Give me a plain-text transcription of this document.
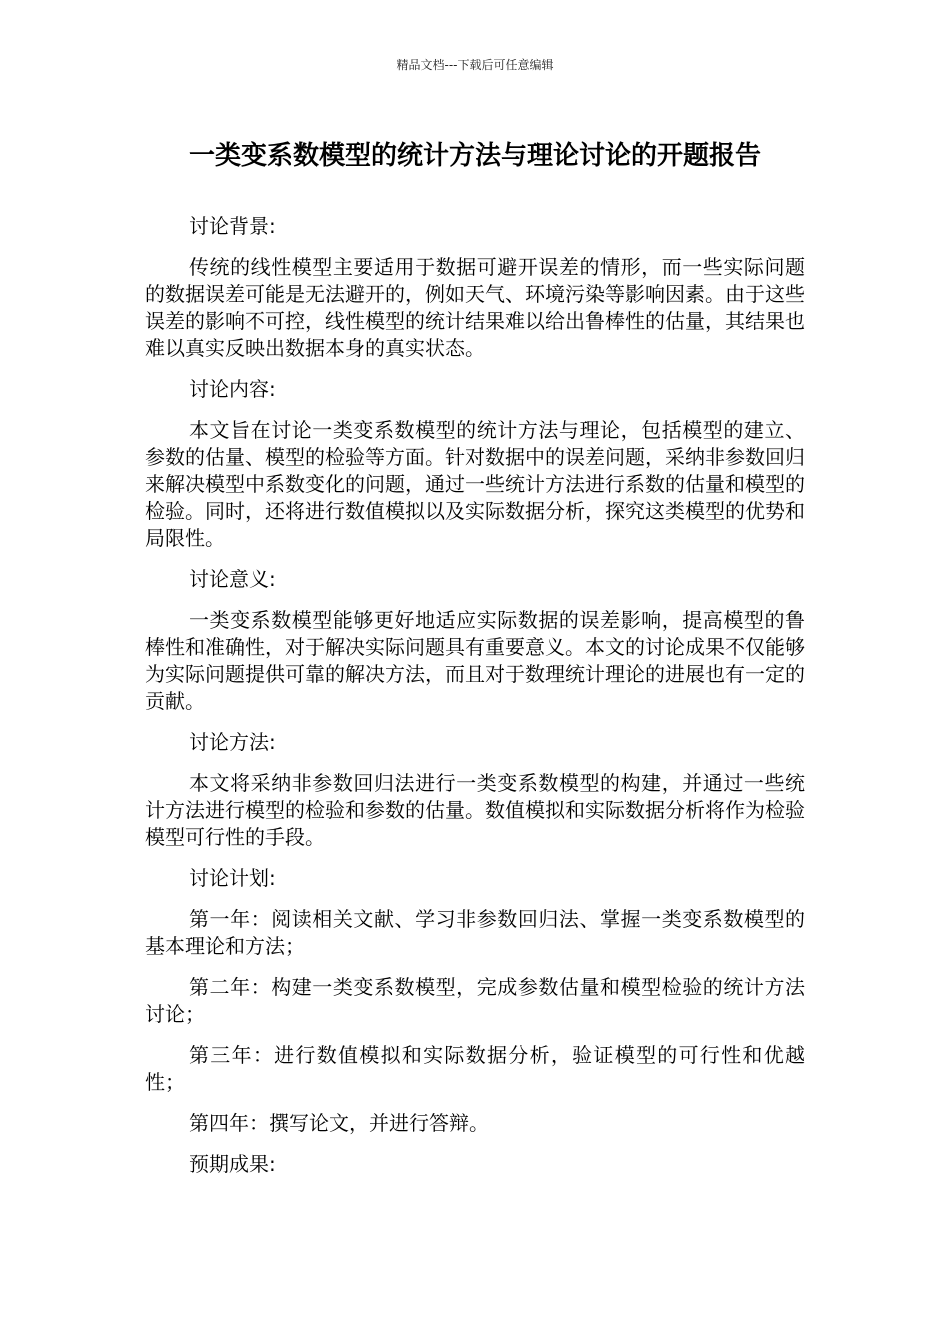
精品文档---下载后可任意编辑
一类变系数模型的统计方法与理论讨论的开题报告

讨论背景:

传统的线性模型主要适用于数据可避开误差的情形，而一些实际问题的数据误差可能是无法避开的，例如天气、环境污染等影响因素。由于这些误差的影响不可控，线性模型的统计结果难以给出鲁棒性的估量，其结果也难以真实反映出数据本身的真实状态。

讨论内容:

本文旨在讨论一类变系数模型的统计方法与理论，包括模型的建立、参数的估量、模型的检验等方面。针对数据中的误差问题，采纳非参数回归来解决模型中系数变化的问题，通过一些统计方法进行系数的估量和模型的检验。同时，还将进行数值模拟以及实际数据分析，探究这类模型的优势和局限性。

讨论意义:

一类变系数模型能够更好地适应实际数据的误差影响，提高模型的鲁棒性和准确性，对于解决实际问题具有重要意义。本文的讨论成果不仅能够为实际问题提供可靠的解决方法，而且对于数理统计理论的进展也有一定的贡献。

讨论方法:

本文将采纳非参数回归法进行一类变系数模型的构建，并通过一些统计方法进行模型的检验和参数的估量。数值模拟和实际数据分析将作为检验模型可行性的手段。

讨论计划:

第一年：阅读相关文献、学习非参数回归法、掌握一类变系数模型的基本理论和方法；

第二年：构建一类变系数模型，完成参数估量和模型检验的统计方法讨论；

第三年：进行数值模拟和实际数据分析，验证模型的可行性和优越性；

第四年：撰写论文，并进行答辩。

预期成果:
